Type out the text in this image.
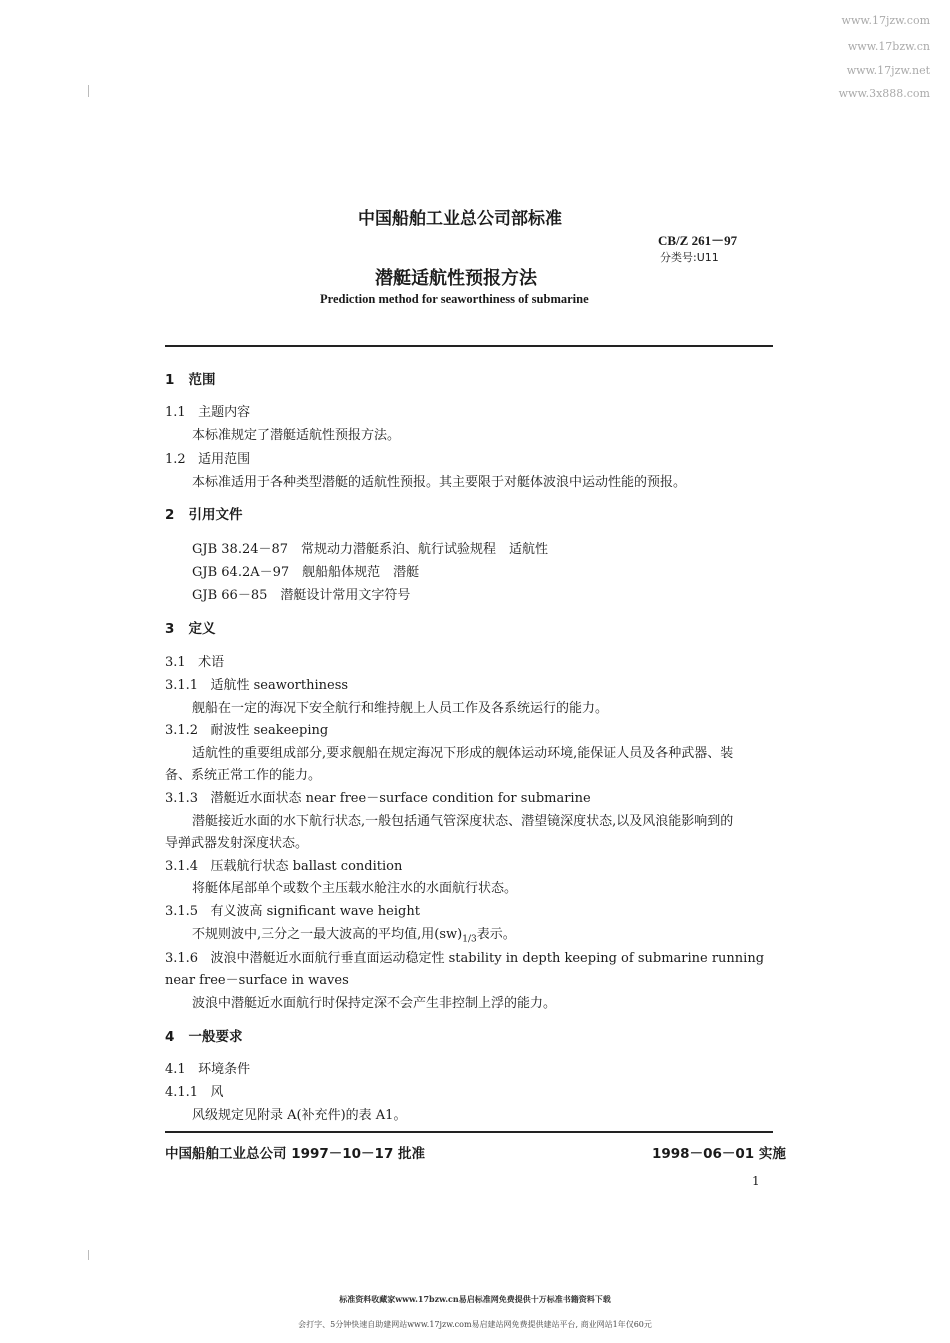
www.17jzw.com
www.17bzw.cn
www.17jzw.net
www.3x888.com
中国船舶工业总公司部标准
CB/Z 261－97
分类号:U11
潜艇适航性预报方法
Prediction method for seaworthiness of submarine
1 范围
1.1 主题内容
本标准规定了潜艇适航性预报方法。
1.2 适用范围
本标准适用于各种类型潜艇的适航性预报。其主要限于对艇体波浪中运动性能的预报。
2 引用文件
GJB 38.24－87　常规动力潜艇系泊、航行试验规程　适航性
GJB 64.2A－97　舰船船体规范　潜艇
GJB 66－85　潜艇设计常用文字符号
3 定义
3.1 术语
3.1.1 适航性 seaworthiness
舰船在一定的海况下安全航行和维持舰上人员工作及各系统运行的能力。
3.1.2 耐波性 seakeeping
适航性的重要组成部分,要求舰船在规定海况下形成的舰体运动环境,能保证人员及各种武器、装
备、系统正常工作的能力。
3.1.3 潜艇近水面状态 near free－surface condition for submarine
潜艇接近水面的水下航行状态,一般包括通气管深度状态、潜望镜深度状态,以及风浪能影响到的
导弹武器发射深度状态。
3.1.4 压载航行状态 ballast condition
将艇体尾部单个或数个主压载水舱注水的水面航行状态。
3.1.5 有义波高 significant wave height
不规则波中,三分之一最大波高的平均值,用$(sw)_{1/3}$表示。
3.1.6 波浪中潜艇近水面航行垂直面运动稳定性 stability in depth keeping of submarine running
near free－surface in waves
波浪中潜艇近水面航行时保持定深不会产生非控制上浮的能力。
4 一般要求
4.1 环境条件
4.1.1 风
风级规定见附录 A(补充件)的表 A1。
中国船舶工业总公司 1997－10－17 批准	1998－06－01 实施
1
标准资料收藏家www.17bzw.cn易启标准网免费提供十万标准书籍资料下载
会打字、5分钟快速自助建网站www.17jzw.com易启建站网免费提供建站平台, 商业网站1年仅60元
